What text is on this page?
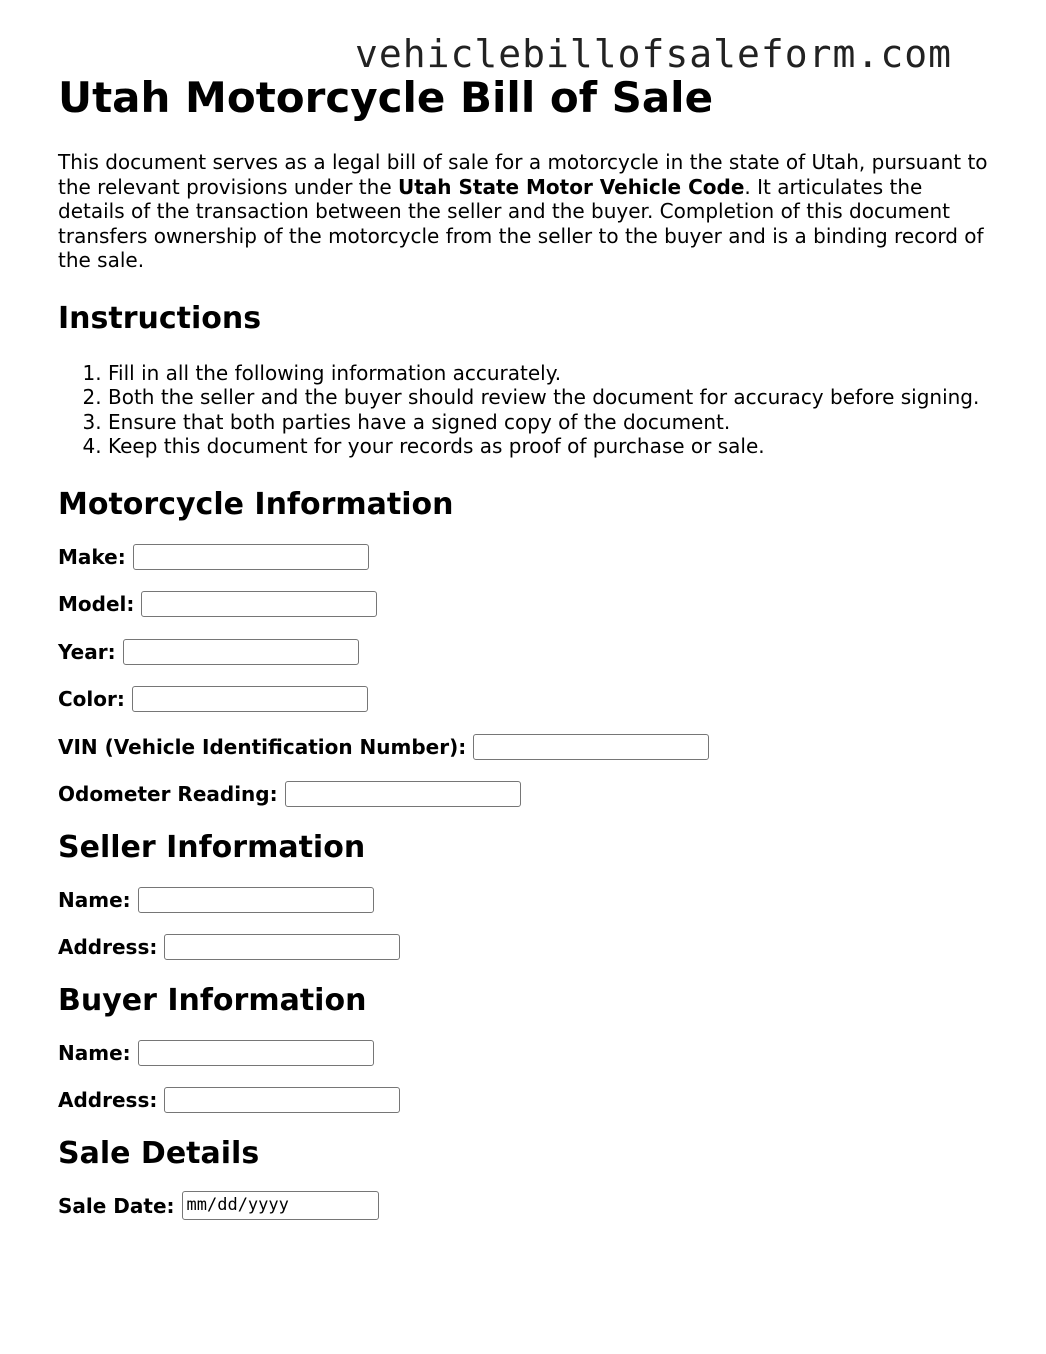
vehiclebillofsaleform.com
Utah Motorcycle Bill of Sale

This document serves as a legal bill of sale for a motorcycle in the state of Utah, pursuant to the relevant provisions under the Utah State Motor Vehicle Code. It articulates the details of the transaction between the seller and the buyer. Completion of this document transfers ownership of the motorcycle from the seller to the buyer and is a binding record of the sale.

Instructions
1. Fill in all the following information accurately.
2. Both the seller and the buyer should review the document for accuracy before signing.
3. Ensure that both parties have a signed copy of the document.
4. Keep this document for your records as proof of purchase or sale.
Motorcycle Information
Make:
Model:
Year:
Color:
VIN (Vehicle Identification Number):
Odometer Reading:
Seller Information
Name:
Address:
Buyer Information
Name:
Address:
Sale Details
Sale Date: mm/dd/yyyy
